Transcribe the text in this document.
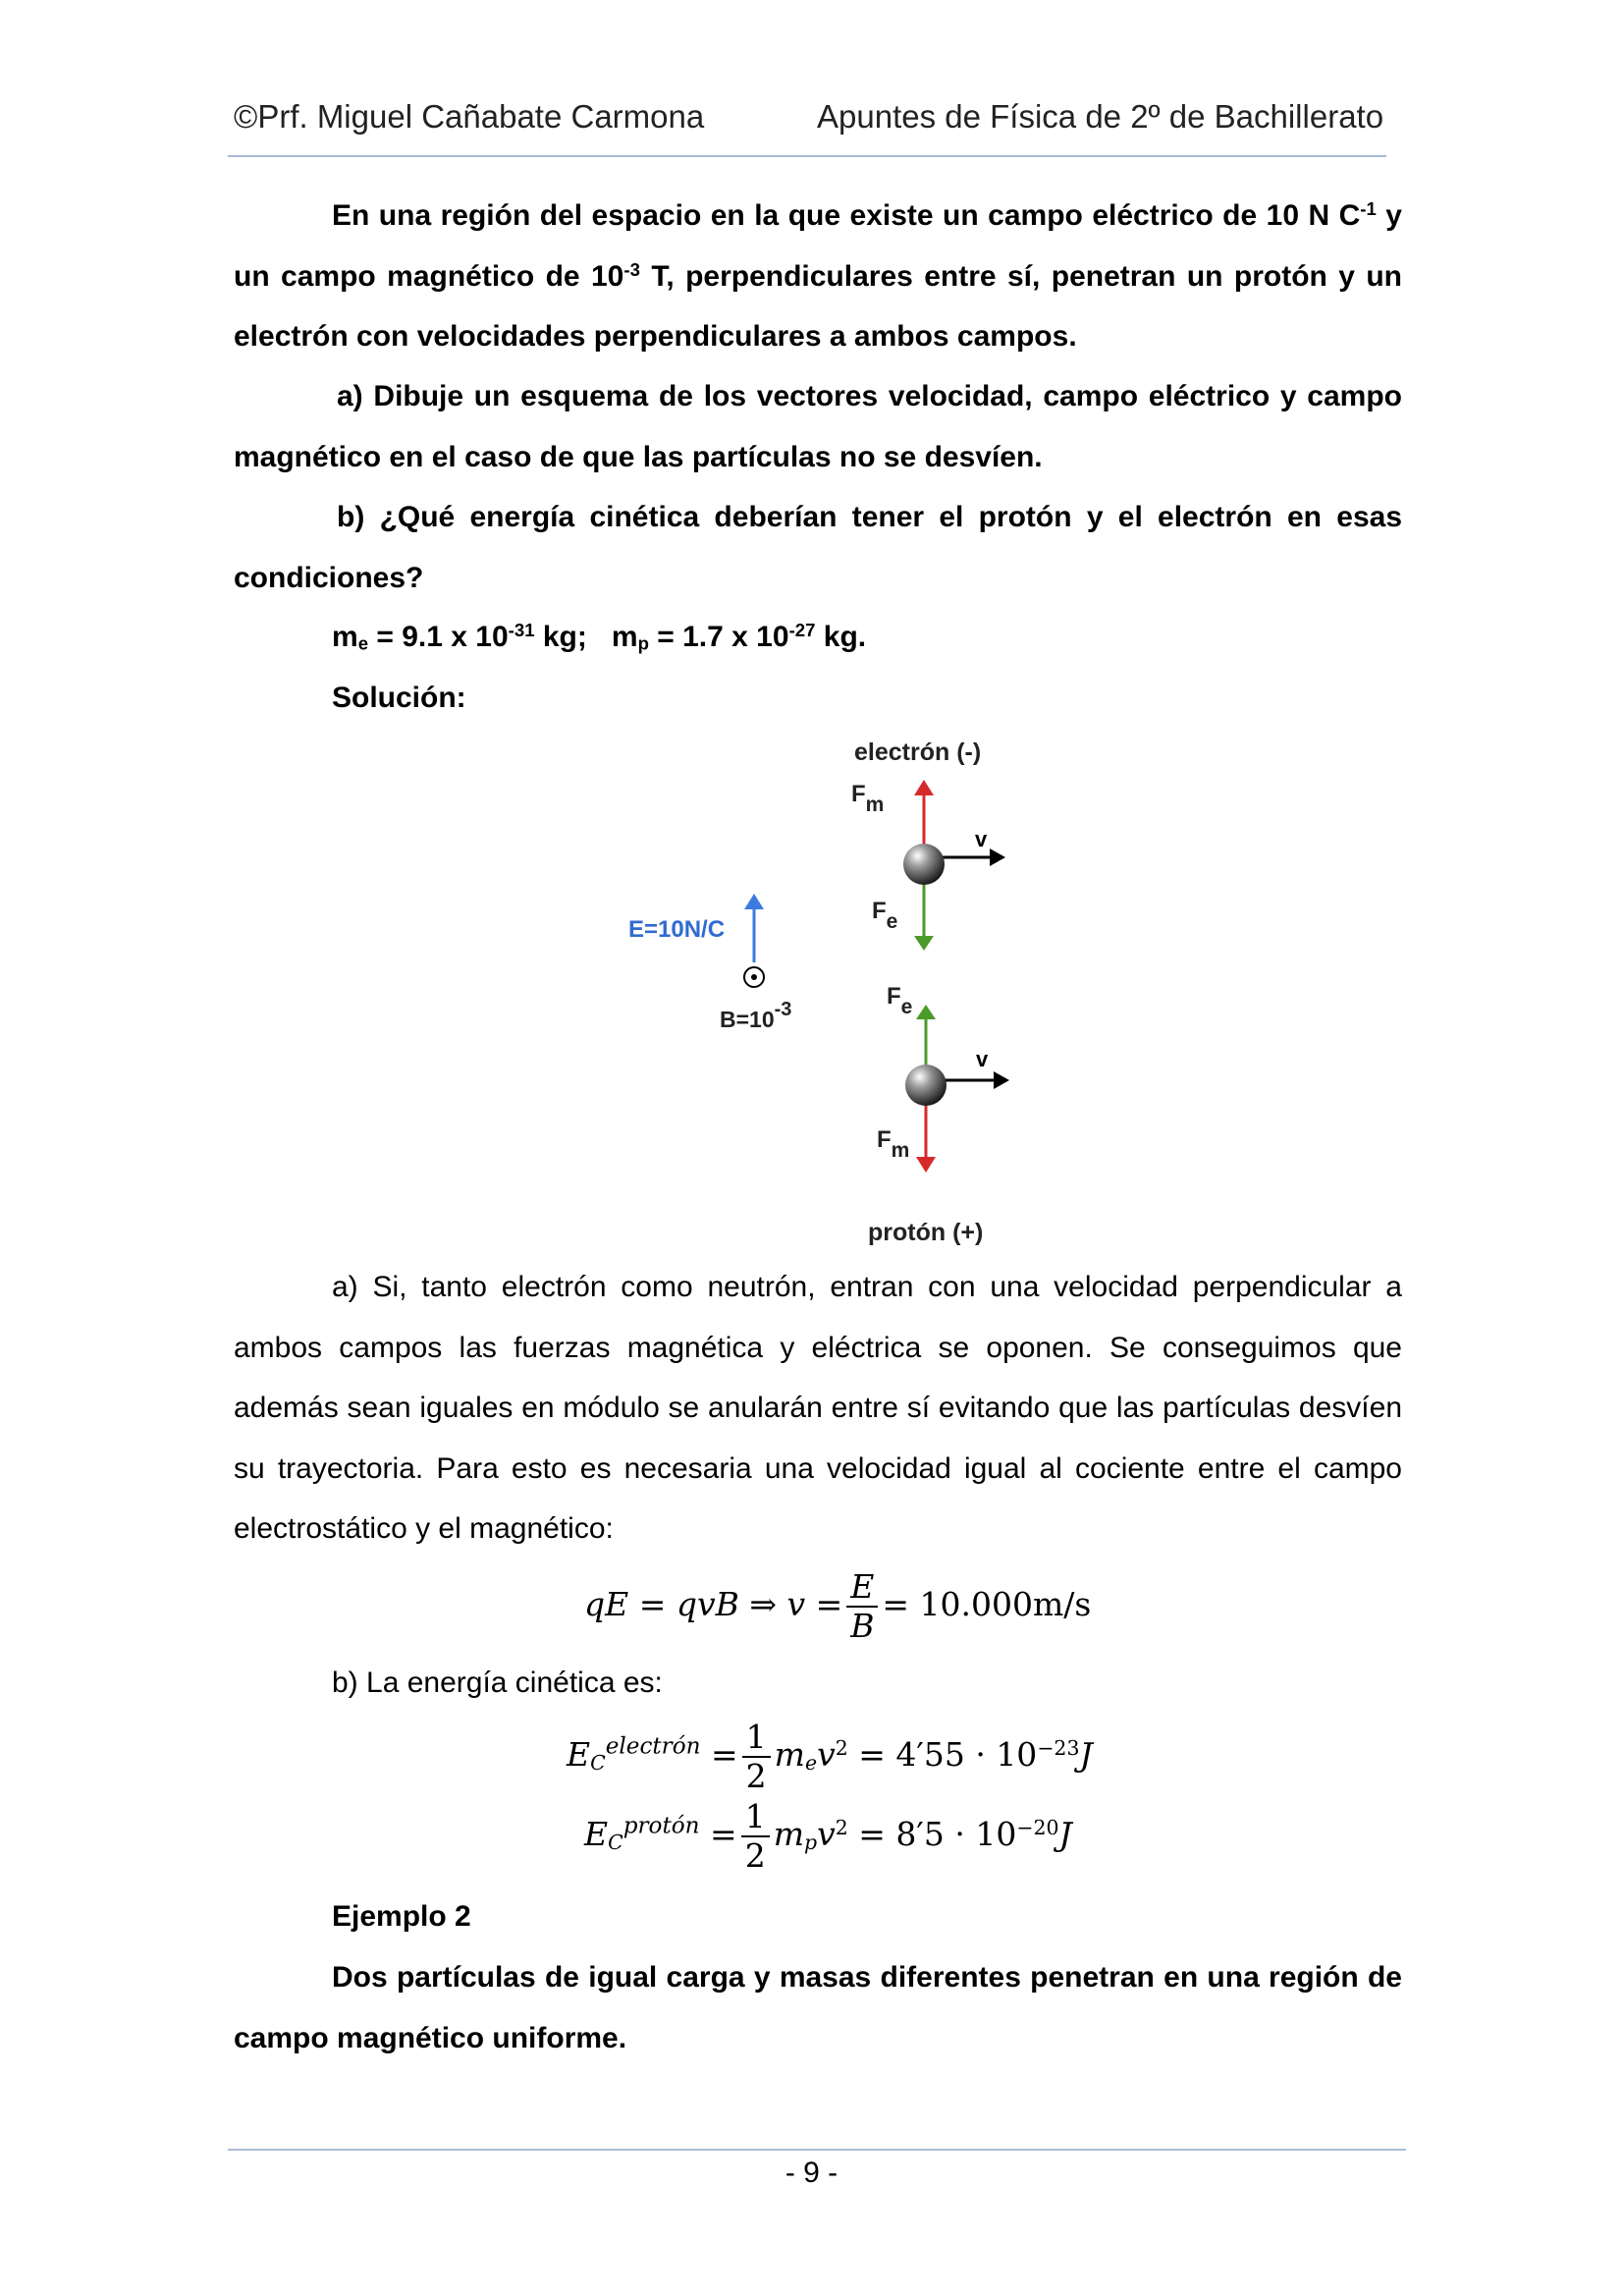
©Prf. Miguel Cañabate Carmona	Apuntes de Física de 2º de Bachillerato

En una región del espacio en la que existe un campo eléctrico de 10 N $C^{-1}$ y un campo magnético de $10^{-3}$ T, perpendiculares entre sí, penetran un protón y un electrón con velocidades perpendiculares a ambos campos.

a) Dibuje un esquema de los vectores velocidad, campo eléctrico y campo magnético en el caso de que las partículas no se desvíen.

b) ¿Qué energía cinética deberían tener el protón y el electrón en esas condiciones?

$m_e = 9.1$ x $10^{-31}$ kg; $m_p = 1.7$ x $10^{-27}$ kg.
Solución:
electrón (-)
Fm
Fe
v
E=10N/C
B=10-3	Fe
v
Fm
protón (+)

a) Si, tanto electrón como neutrón, entran con una velocidad perpendicular a ambos campos las fuerzas magnética y eléctrica se oponen. Se conseguimos que además sean iguales en módulo se anularán entre sí evitando que las partículas desvíen su trayectoria. Para esto es necesaria una velocidad igual al cociente entre el campo electrostático y el magnético:

qE = qvB ⇒ $v = \frac{E}{B} = 10.000m/s$
b) La energía cinética es:
$E_C^{electrón} = \frac{1}{2} m_ev^2 = 4'55 \cdot 10^{-23}J$
$E_C^{protón} = \frac{1}{2} m_pv^2 = 8'5 \cdot 10^{-20}J$
Ejemplo 2

Dos partículas de igual carga y masas diferentes penetran en una región de campo magnético uniforme.

- 9 -
